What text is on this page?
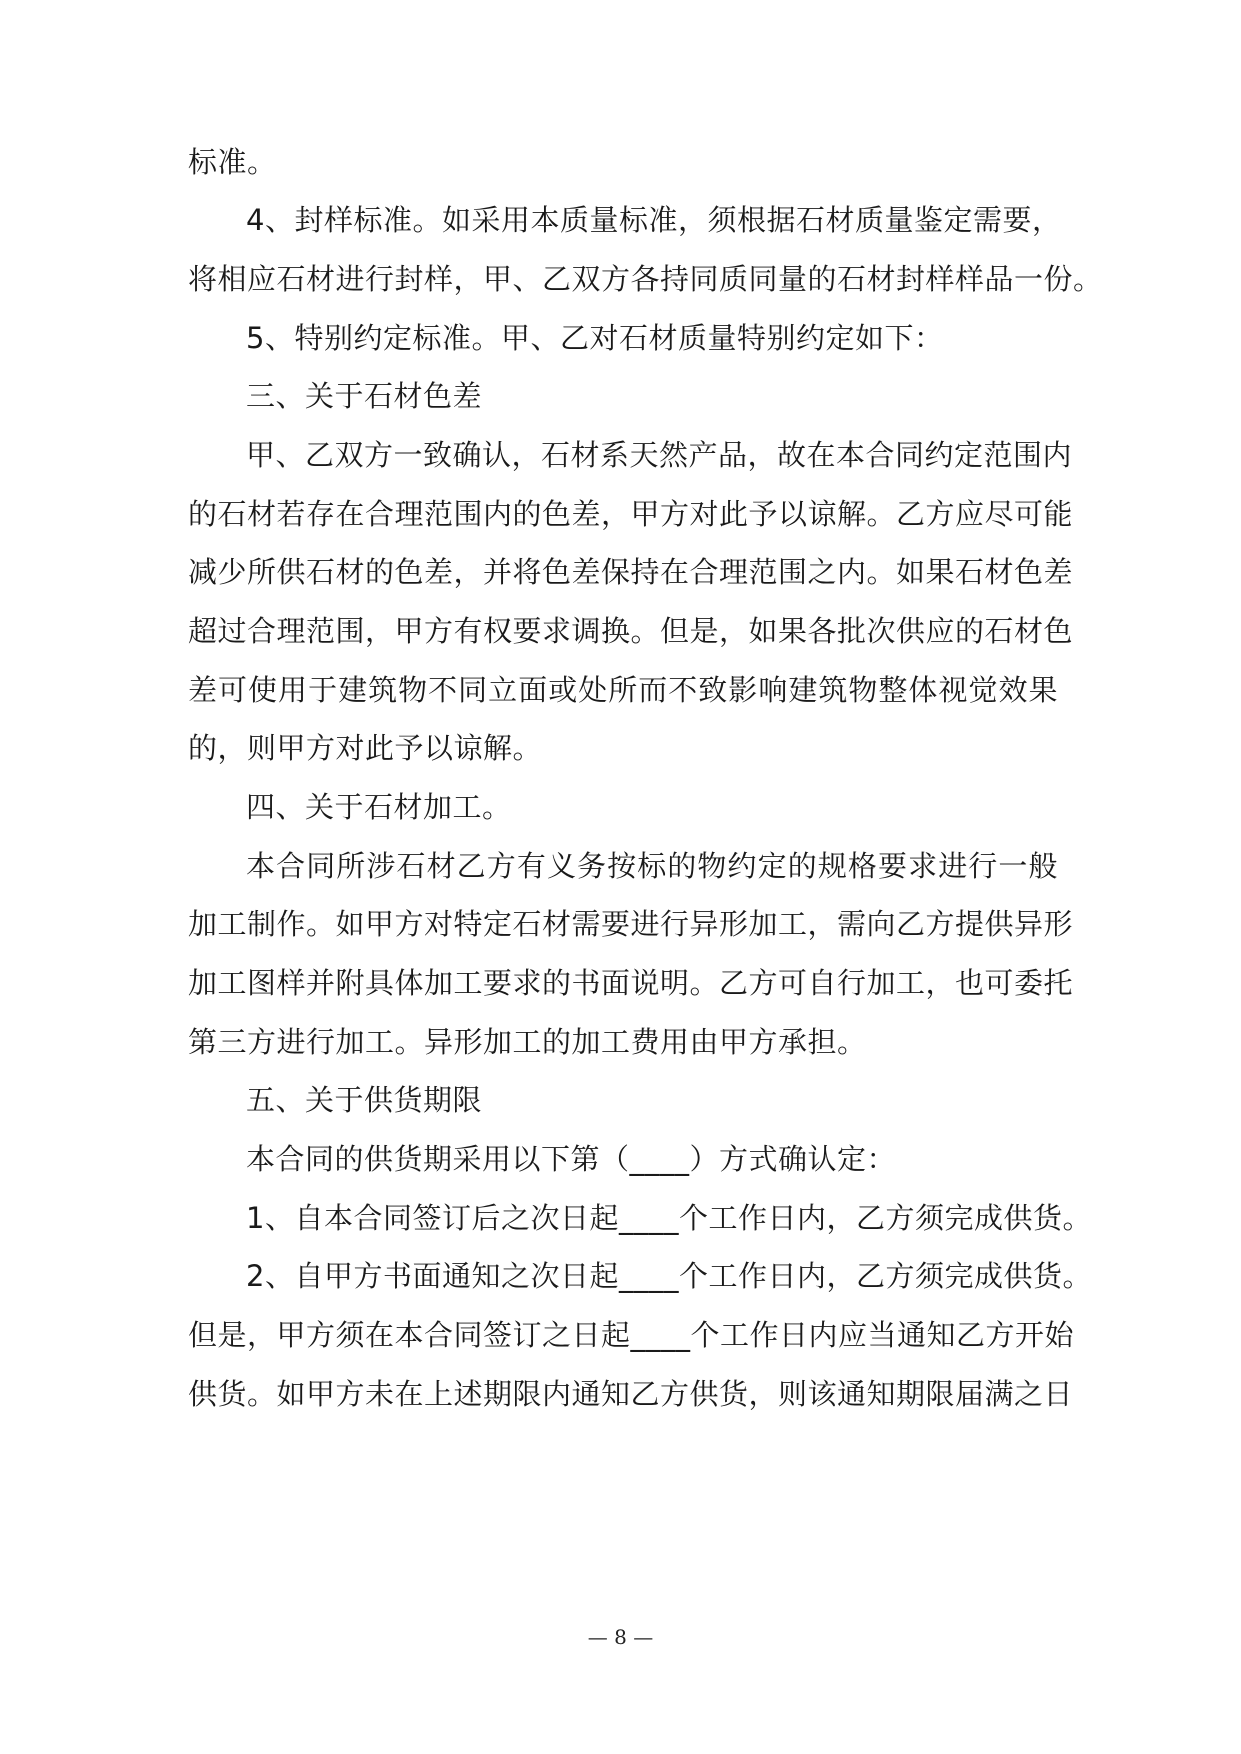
标准。
4、封样标准。如采用本质量标准，须根据石材质量鉴定需要，
将相应石材进行封样，甲、乙双方各持同质同量的石材封样样品一份。
5、特别约定标准。甲、乙对石材质量特别约定如下：
三、关于石材色差
甲、乙双方一致确认，石材系天然产品，故在本合同约定范围内
的石材若存在合理范围内的色差，甲方对此予以谅解。乙方应尽可能
减少所供石材的色差，并将色差保持在合理范围之内。如果石材色差
超过合理范围，甲方有权要求调换。但是，如果各批次供应的石材色
差可使用于建筑物不同立面或处所而不致影响建筑物整体视觉效果
的，则甲方对此予以谅解。
四、关于石材加工。
本合同所涉石材乙方有义务按标的物约定的规格要求进行一般
加工制作。如甲方对特定石材需要进行异形加工，需向乙方提供异形
加工图样并附具体加工要求的书面说明。乙方可自行加工，也可委托
第三方进行加工。异形加工的加工费用由甲方承担。
五、关于供货期限
本合同的供货期采用以下第（____）方式确认定：
1、自本合同签订后之次日起____个工作日内，乙方须完成供货。
2、自甲方书面通知之次日起____个工作日内，乙方须完成供货。
但是，甲方须在本合同签订之日起____个工作日内应当通知乙方开始
供货。如甲方未在上述期限内通知乙方供货，则该通知期限届满之日
— 8 —
